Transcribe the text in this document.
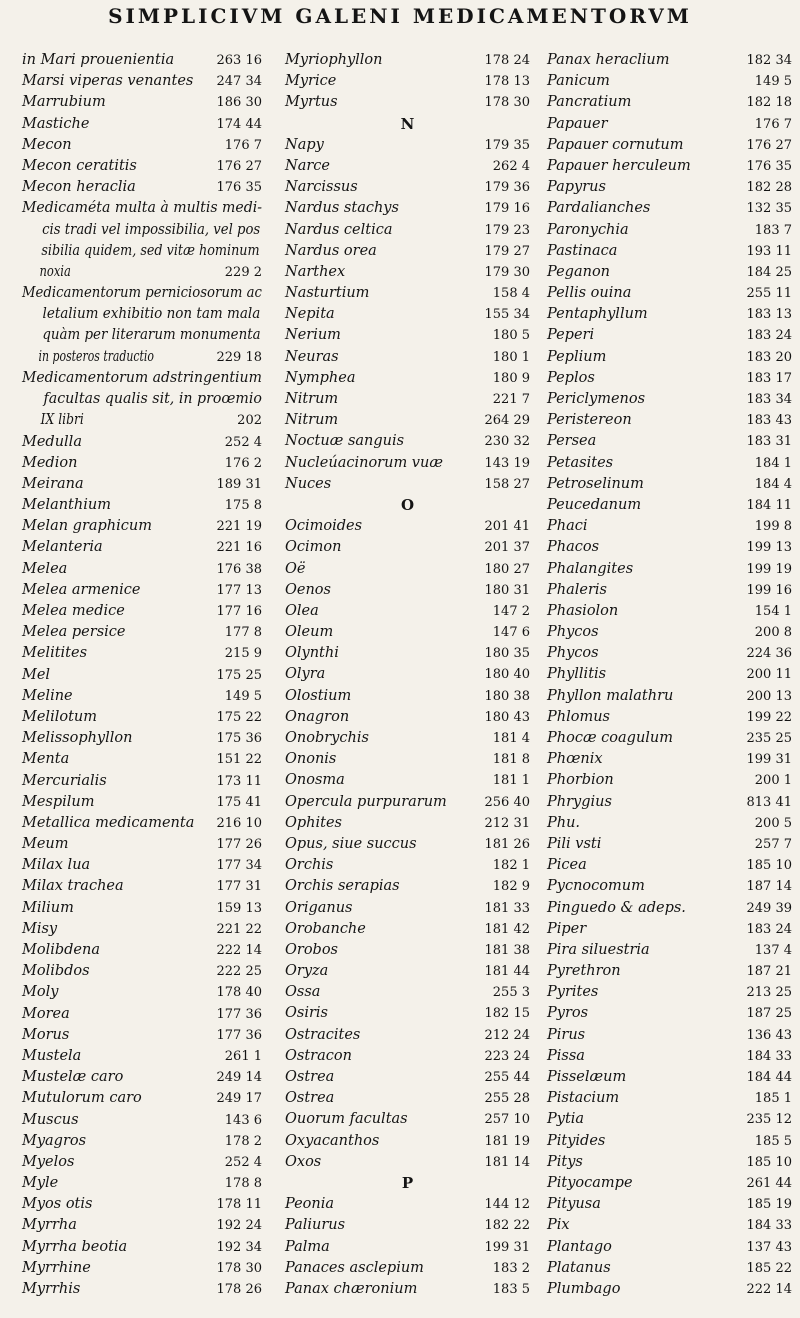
SIMPLICIVM GALENI MEDICAMENTORVM
in Mari prouenientia	263 16
Marsi viperas venantes 247 34
Marrubium	186 30
Mastiche	174 44
Mecon	176 7
Mecon ceratitis	176 27
Mecon heraclia	176 35
Medicaméta multa à multis medi-
cis tradi vel impossibilia, vel pos
sibilia quidem, sed vitæ hominum
noxia	229 2
Medicamentorum perniciosorum ac
letalium exhibitio non tam mala
quàm per literarum monumenta
in posteros traductio	229 18
Medicamentorum adstringentium
facultas qualis sit, in proœmio
IX libri	202
Medulla	252 4
Medion	176 2
Meirana	189 31
Melanthium	175 8
Melan graphicum	221 19
Melanteria	221 16
Melea	176 38
Melea armenice	177 13
Melea medice	177 16
Melea persice	177 8
Melitites	215 9
Mel	175 25
Meline	149 5
Melilotum	175 22
Melissophyllon	175 36
Menta	151 22
Mercurialis	173 11
Mespilum	175 41
Metallica medicamenta 216 10
Meum	177 26
Milax lua	177 34
Milax trachea	177 31
Milium	159 13
Misy	221 22
Molibdena	222 14
Molibdos	222 25
Moly	178 40
Morea	177 36
Morus	177 36
Mustela	261 1
Mustelæ caro	249 14
Mutulorum caro	249 17
Muscus	143 6
Myagros	178 2
Myelos	252 4
Myle	178 8
Myos otis	178 11
Myrrha	192 24
Myrrha beotia	192 34
Myrrhine	178 30
Myrrhis	178 26
Myriophyllon	178 24
Myrice	178 13
Myrtus	178 30
N
Napy	179 35
Narce	262 4
Narcissus	179 36
Nardus stachys	179 16
Nardus celtica	179 23
Nardus orea	179 27
Narthex	179 30
Nasturtium	158 4
Nepita	155 34
Nerium	180 5
Neuras	180 1
Nymphea	180 9
Nitrum	221 7
Nitrum	264 29
Noctuæ sanguis	230 32
Nucleúacinorum vuæ	143 19
Nuces	158 27
O
Ocimoides	201 41
Ocimon	201 37
Oë	180 27
Oenos	180 31
Olea	147 2
Oleum	147 6
Olynthi	180 35
Olyra	180 40
Olostium	180 38
Onagron	180 43
Onobrychis	181 4
Ononis	181 8
Onosma	181 1
Opercula purpurarum	256 40
Ophites	212 31
Opus, siue succus	181 26
Orchis	182 1
Orchis serapias	182 9
Origanus	181 33
Orobanche	181 42
Orobos	181 38
Oryza	181 44
Ossa	255 3
Osiris	182 15
Ostracites	212 24
Ostracon	223 24
Ostrea	255 44
Ostrea	255 28
Ouorum facultas	257 10
Oxyacanthos	181 19
Oxos	181 14
P
Peonia	144 12
Paliurus	182 22
Palma	199 31
Panaces asclepium	183 2
Panax chæronium	183 5
Panax heraclium	182 34
Panicum	149 5
Pancratium	182 18
Papauer	176 7
Papauer cornutum	176 27
Papauer herculeum	176 35
Papyrus	182 28
Pardalianches	132 35
Paronychia	183 7
Pastinaca	193 11
Peganon	184 25
Pellis ouina	255 11
Pentaphyllum	183 13
Peperi	183 24
Peplium	183 20
Peplos	183 17
Periclymenos	183 34
Peristereon	183 43
Persea	183 31
Petasites	184 1
Petroselinum	184 4
Peucedanum	184 11
Phaci	199 8
Phacos	199 13
Phalangites	199 19
Phaleris	199 16
Phasiolon	154 1
Phycos	200 8
Phycos	224 36
Phyllitis	200 11
Phyllon malathru	200 13
Phlomus	199 22
Phocæ coagulum	235 25
Phœnix	199 31
Phorbion	200 1
Phrygius	813 41
Phu.	200 5
Pili vsti	257 7
Picea	185 10
Pycnocomum	187 14
Pinguedo & adeps.	249 39
Piper	183 24
Pira siluestria	137 4
Pyrethron	187 21
Pyrites	213 25
Pyros	187 25
Pirus	136 43
Pissa	184 33
Pisselæum	184 44
Pistacium	185 1
Pytia	235 12
Pityides	185 5
Pitys	185 10
Pityocampe	261 44
Pityusa	185 19
Pix	184 33
Plantago	137 43
Platanus	185 22
Plumbago	222 14
